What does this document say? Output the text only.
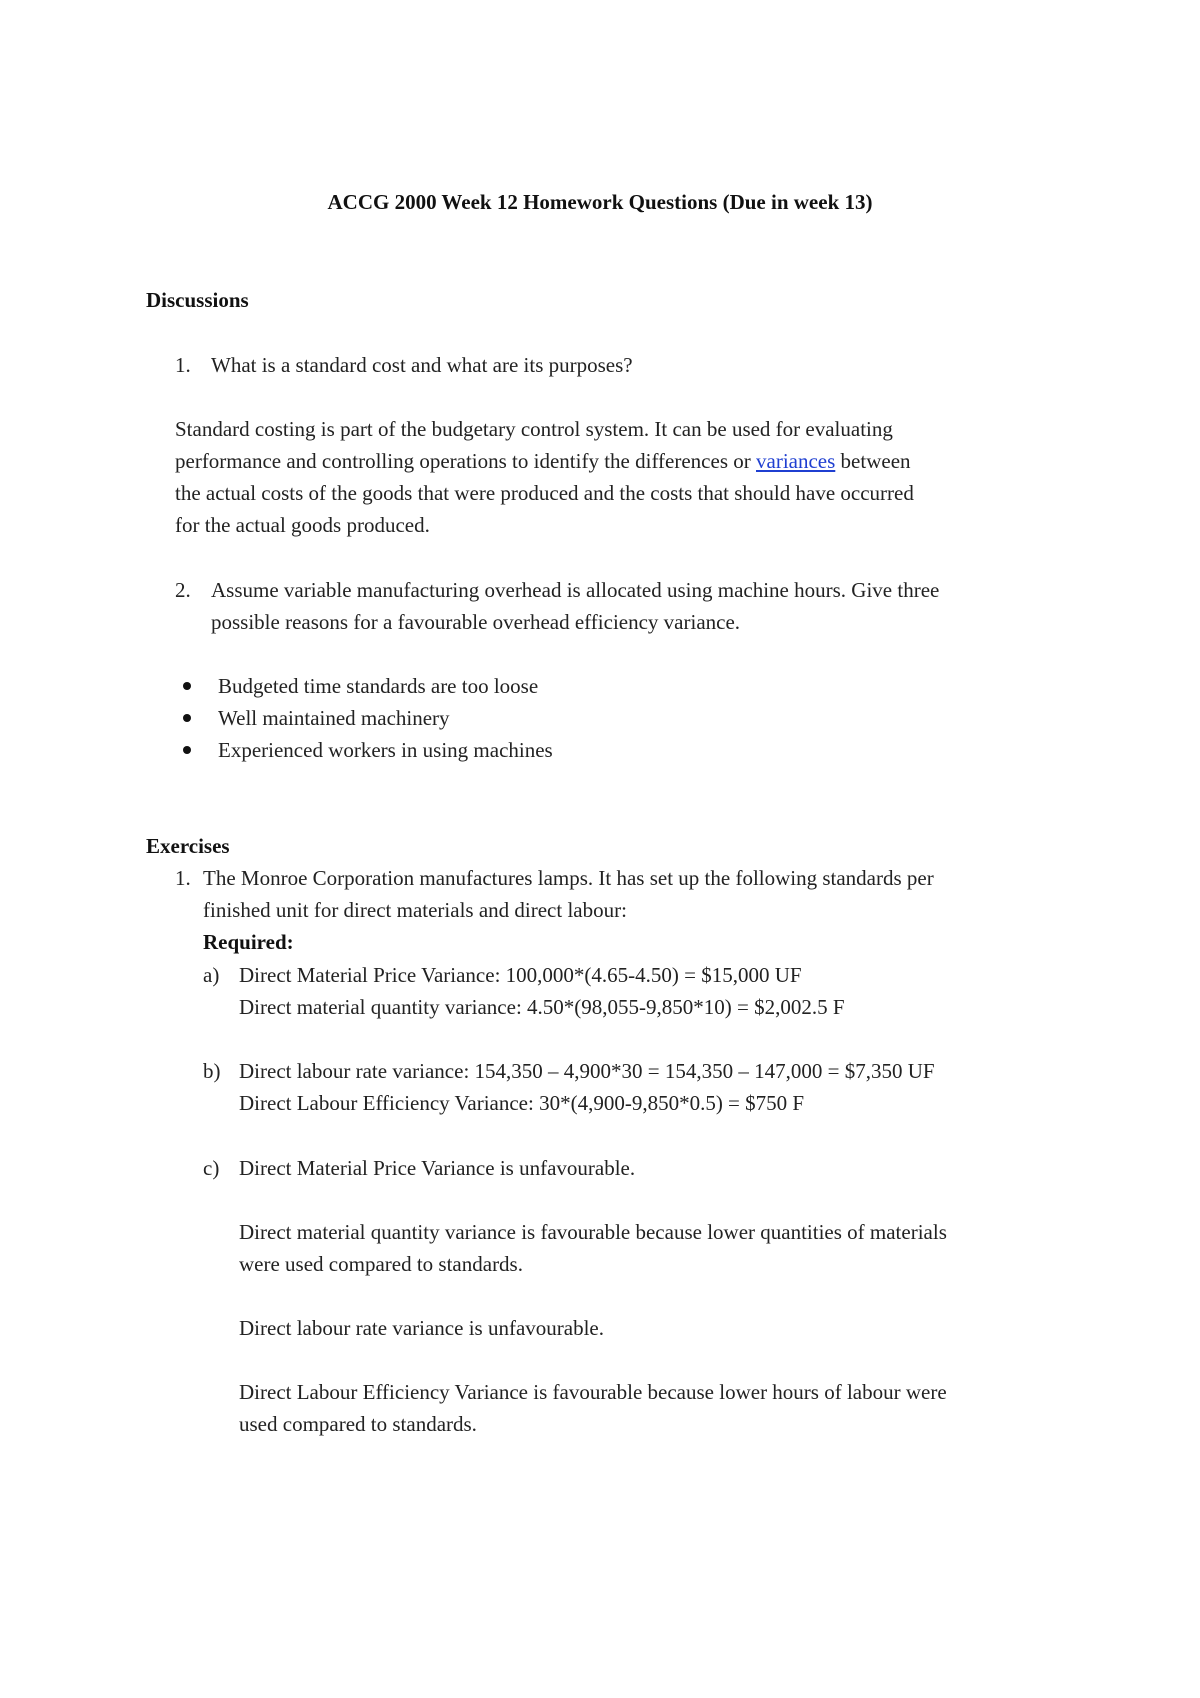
ACCG 2000 Week 12 Homework Questions (Due in week 13)
Discussions
1. What is a standard cost and what are its purposes?
Standard costing is part of the budgetary control system. It can be used for evaluating
performance and controlling operations to identify the differences or variances between
the actual costs of the goods that were produced and the costs that should have occurred
for the actual goods produced.
2. Assume variable manufacturing overhead is allocated using machine hours. Give three
possible reasons for a favourable overhead efficiency variance.
Budgeted time standards are too loose
Well maintained machinery
Experienced workers in using machines
Exercises
1. The Monroe Corporation manufactures lamps. It has set up the following standards per
finished unit for direct materials and direct labour:
Required:
a) Direct Material Price Variance: 100,000*(4.65-4.50) = $15,000 UF
Direct material quantity variance: 4.50*(98,055-9,850*10) = $2,002.5 F
b) Direct labour rate variance: 154,350 – 4,900*30 = 154,350 – 147,000 = $7,350 UF
Direct Labour Efficiency Variance: 30*(4,900-9,850*0.5) = $750 F
c) Direct Material Price Variance is unfavourable.
Direct material quantity variance is favourable because lower quantities of materials
were used compared to standards.
Direct labour rate variance is unfavourable.
Direct Labour Efficiency Variance is favourable because lower hours of labour were
used compared to standards.
